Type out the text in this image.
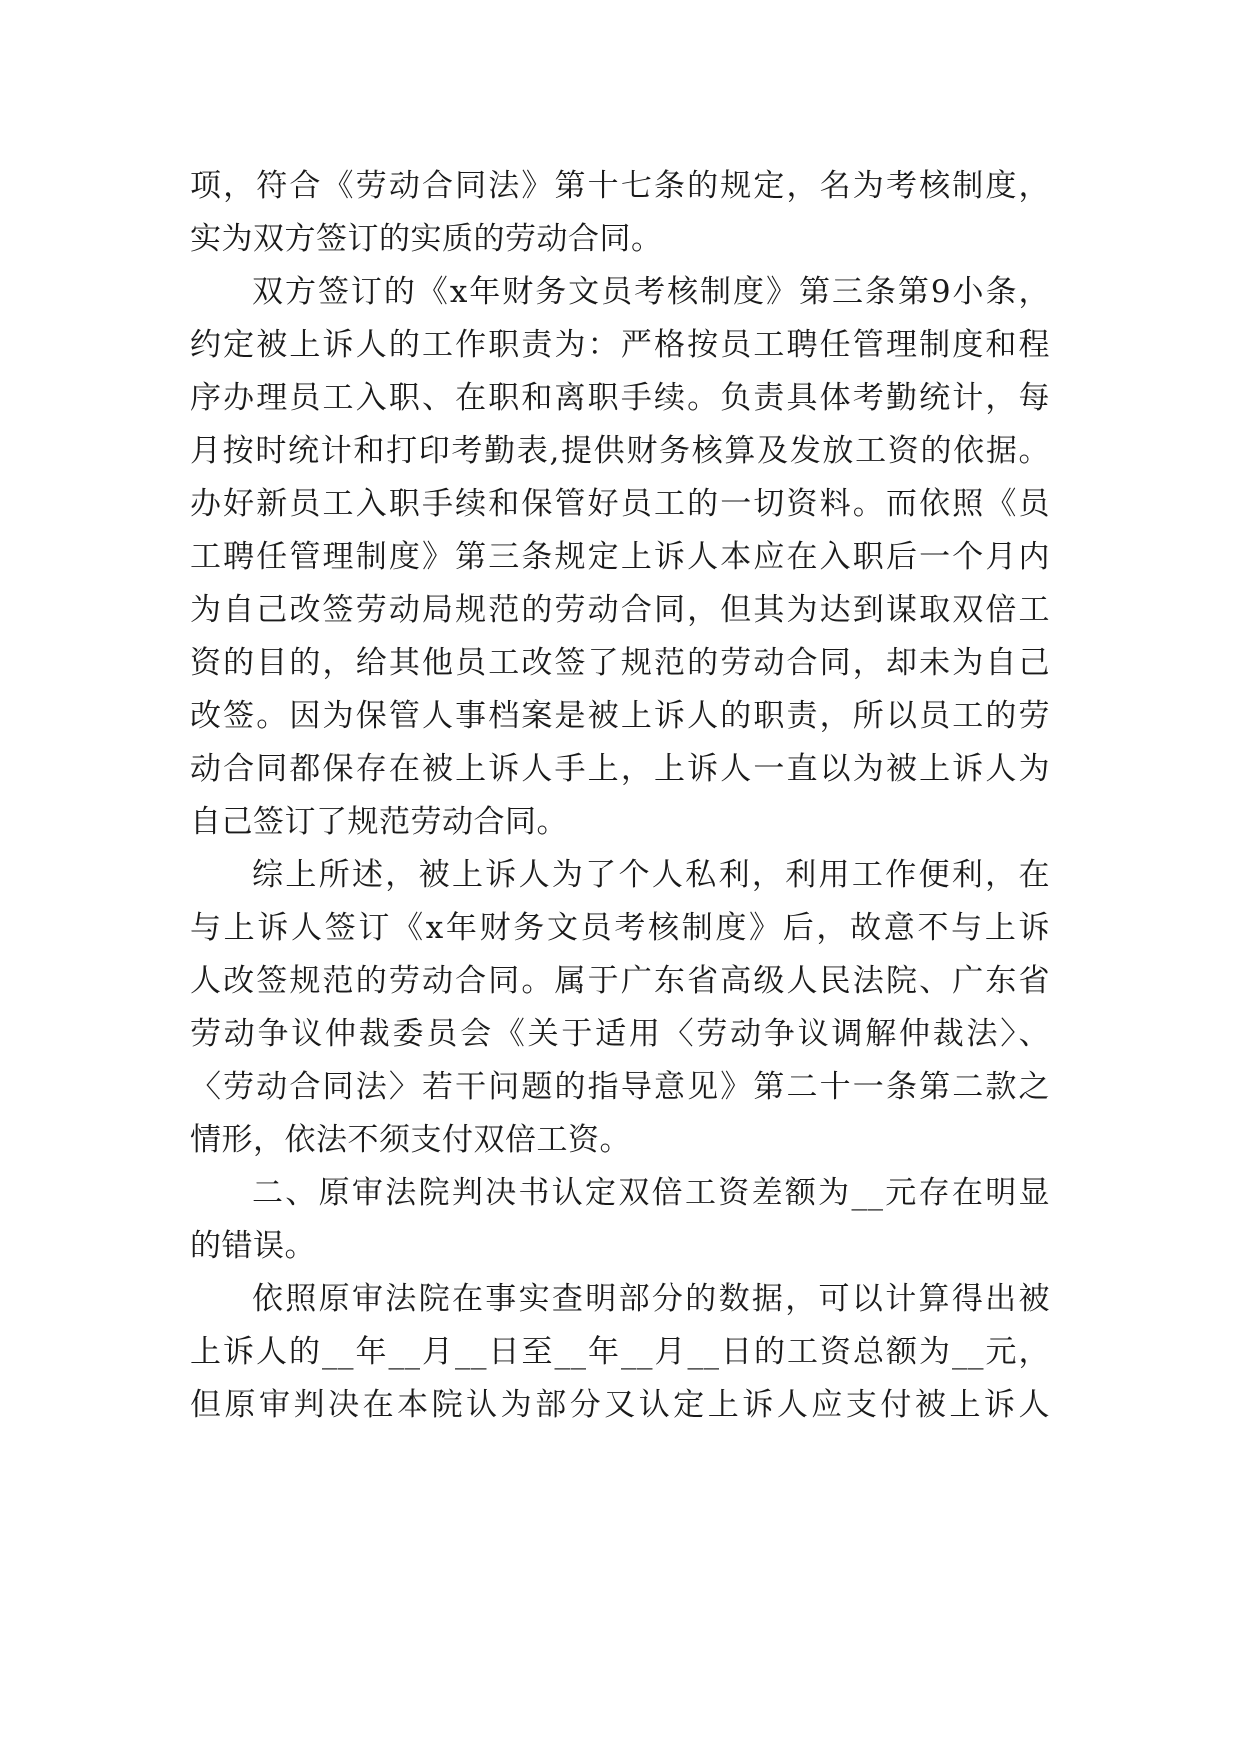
项，符合《劳动合同法》第十七条的规定，名为考核制度，
实为双方签订的实质的劳动合同。
双方签订的《x年财务文员考核制度》第三条第9小条，
约定被上诉人的工作职责为：严格按员工聘任管理制度和程
序办理员工入职、在职和离职手续。负责具体考勤统计，每
月按时统计和打印考勤表,提供财务核算及发放工资的依据。
办好新员工入职手续和保管好员工的一切资料。而依照《员
工聘任管理制度》第三条规定上诉人本应在入职后一个月内
为自己改签劳动局规范的劳动合同，但其为达到谋取双倍工
资的目的，给其他员工改签了规范的劳动合同，却未为自己
改签。因为保管人事档案是被上诉人的职责，所以员工的劳
动合同都保存在被上诉人手上，上诉人一直以为被上诉人为
自己签订了规范劳动合同。
综上所述，被上诉人为了个人私利，利用工作便利，在
与上诉人签订《x年财务文员考核制度》后，故意不与上诉
人改签规范的劳动合同。属于广东省高级人民法院、广东省
劳动争议仲裁委员会《关于适用〈劳动争议调解仲裁法〉、
〈劳动合同法〉若干问题的指导意见》第二十一条第二款之
情形，依法不须支付双倍工资。
二、原审法院判决书认定双倍工资差额为__元存在明显
的错误。
依照原审法院在事实查明部分的数据，可以计算得出被
上诉人的__年__月__日至__年__月__日的工资总额为__元，
但原审判决在本院认为部分又认定上诉人应支付被上诉人
